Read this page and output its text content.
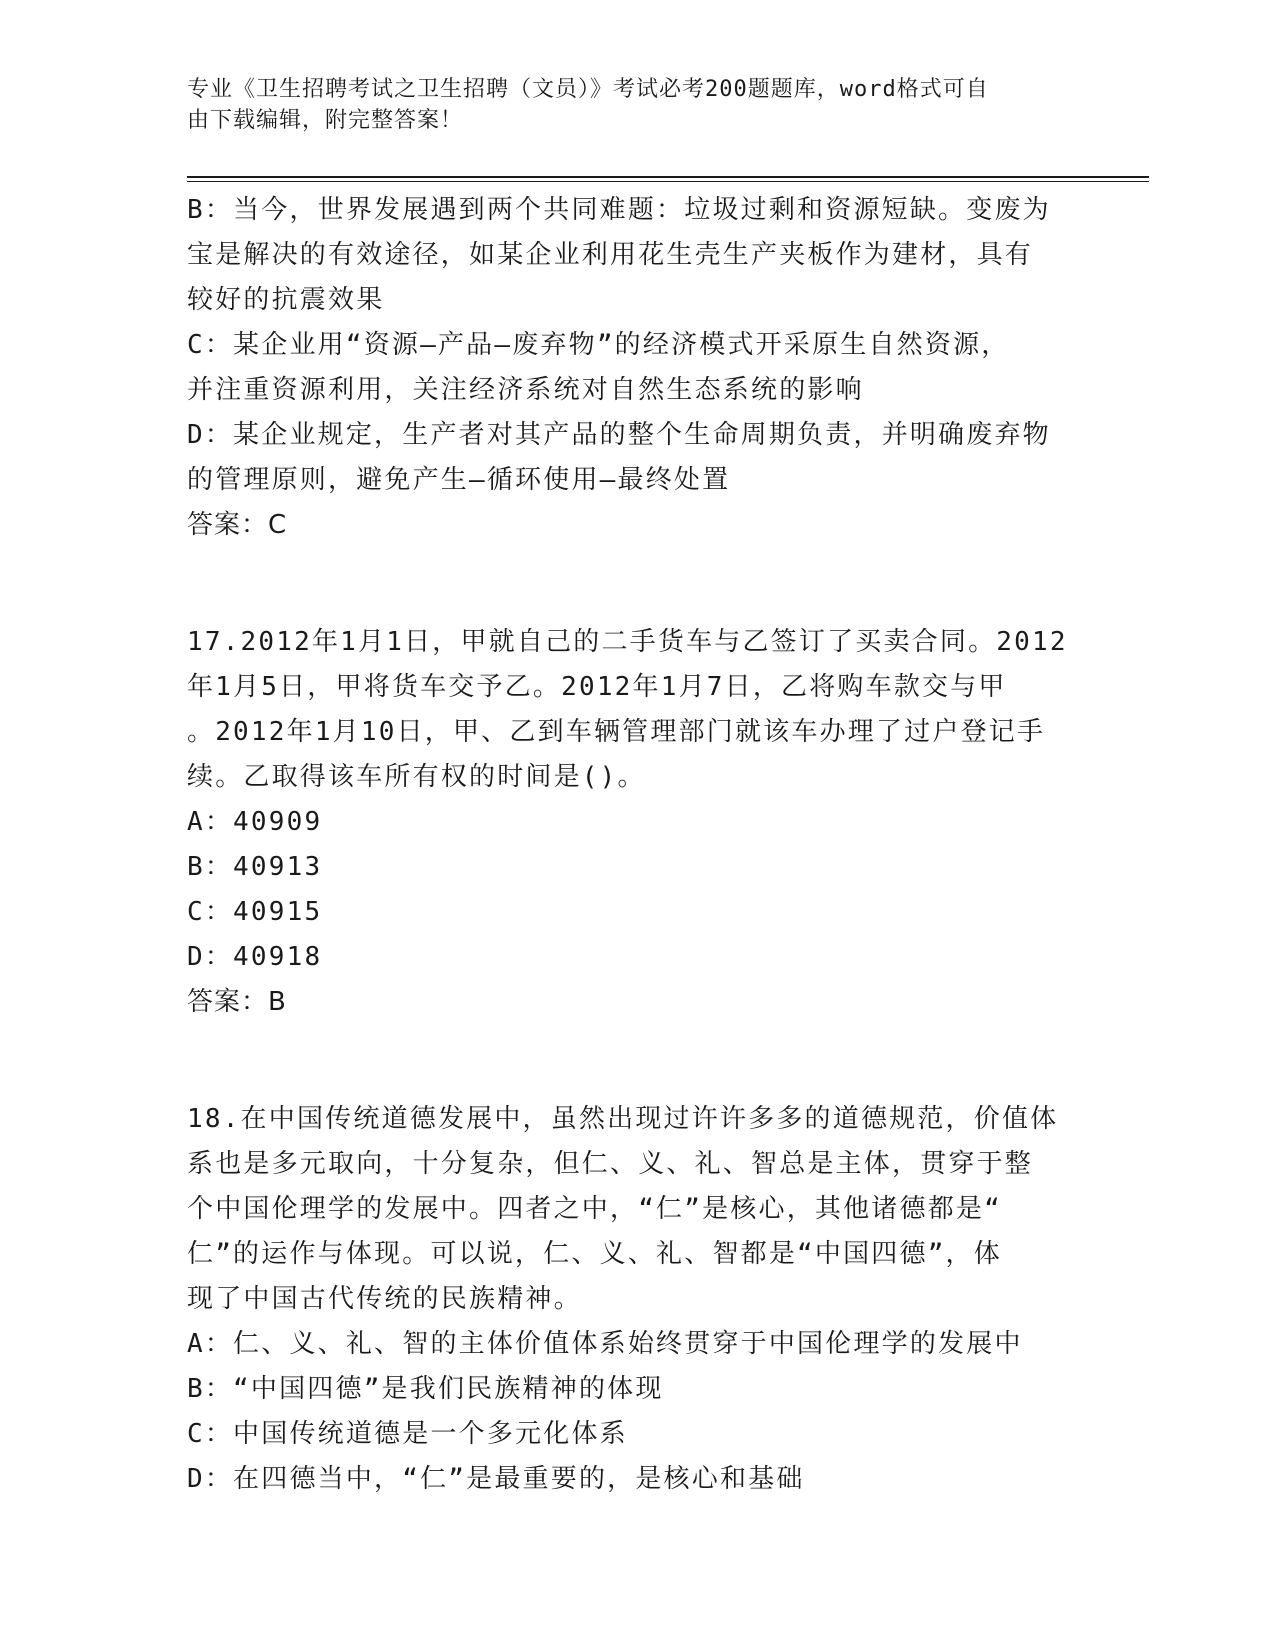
专业《卫生招聘考试之卫生招聘（文员）》考试必考200题题库，word格式可自
由下载编辑，附完整答案！

B：当今，世界发展遇到两个共同难题：垃圾过剩和资源短缺。变废为

宝是解决的有效途径，如某企业利用花生壳生产夹板作为建材，具有

较好的抗震效果

C：某企业用“资源—产品—废弃物”的经济模式开采原生自然资源，

并注重资源利用，关注经济系统对自然生态系统的影响

D：某企业规定，生产者对其产品的整个生命周期负责，并明确废弃物

的管理原则，避免产生—循环使用—最终处置

答案：C

17.2012年1月1日，甲就自己的二手货车与乙签订了买卖合同。2012

年1月5日，甲将货车交予乙。2012年1月7日，乙将购车款交与甲

。2012年1月10日，甲、乙到车辆管理部门就该车办理了过户登记手

续。乙取得该车所有权的时间是()。

A：40909

B：40913

C：40915

D：40918

答案：B

18.在中国传统道德发展中，虽然出现过许许多多的道德规范，价值体

系也是多元取向，十分复杂，但仁、义、礼、智总是主体，贯穿于整

个中国伦理学的发展中。四者之中，“仁”是核心，其他诸德都是“

仁”的运作与体现。可以说，仁、义、礼、智都是“中国四德”，体

现了中国古代传统的民族精神。

A：仁、义、礼、智的主体价值体系始终贯穿于中国伦理学的发展中

B：“中国四德”是我们民族精神的体现

C：中国传统道德是一个多元化体系

D：在四德当中，“仁”是最重要的，是核心和基础
